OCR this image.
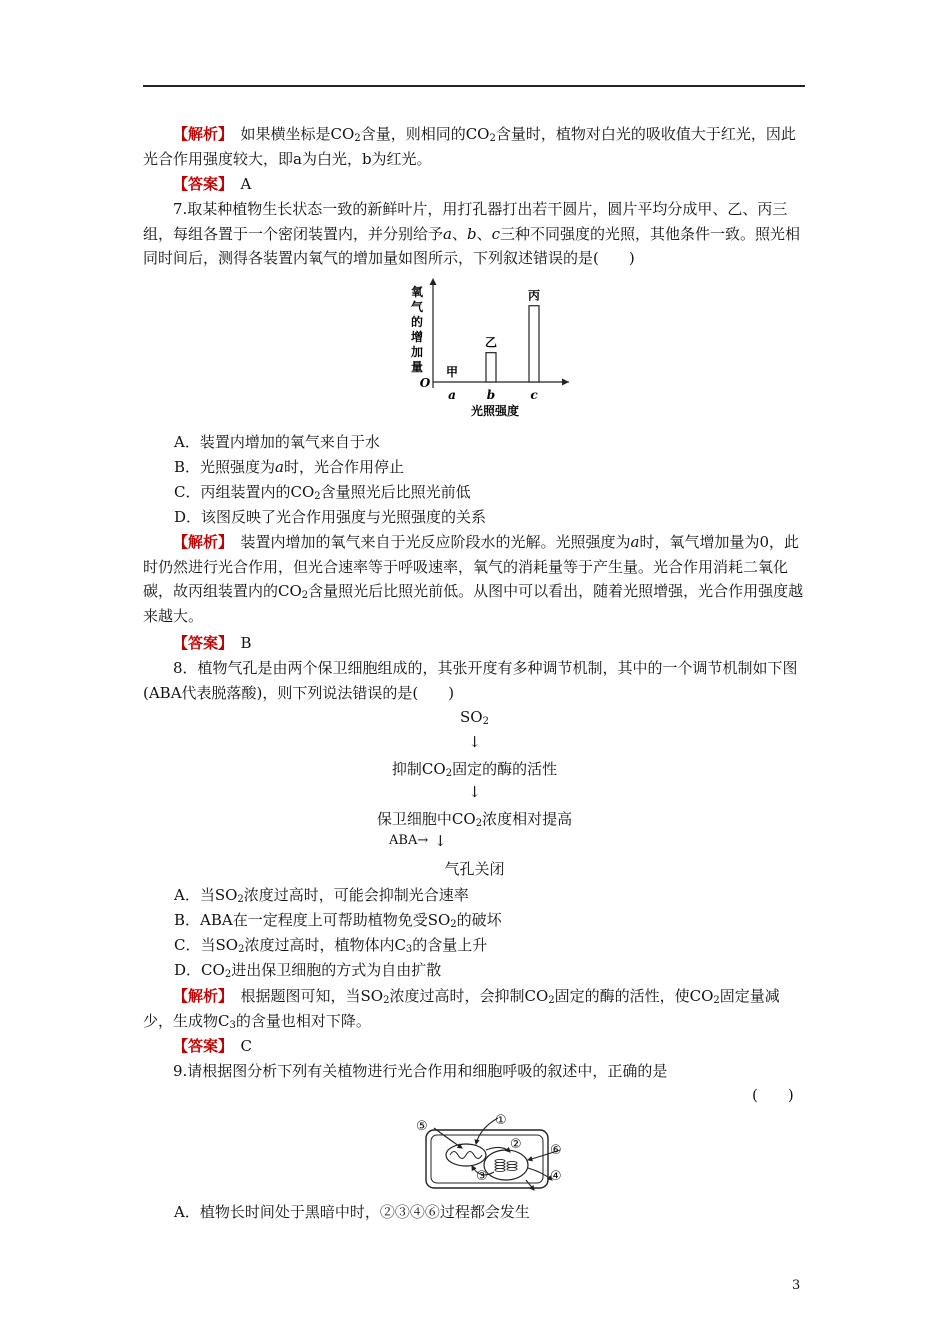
【解析】　 如果横坐标是$CO_2$含量，则相同的$CO_2$含量时，植物对白光的吸收值大于红光，因此光合作用强度较大，即a为白光，b为红光。
【答案】　 A
7.取某种植物生长状态一致的新鲜叶片，用打孔器打出若干圆片，圆片平均分成甲、乙、丙三组，每组各置于一个密闭装置内，并分别给予a、b、c三种不同强度的光照，其他条件一致。照光相同时间后，测得各装置内氧气的增加量如图所示，下列叙述错误的是(　　)
氧
气
的
增
加
量
O
光照强度
甲
a
乙
b
丙
c
A．装置内增加的氧气来自于水
B．光照强度为a时，光合作用停止
C．丙组装置内的$CO_2$含量照光后比照光前低
D．该图反映了光合作用强度与光照强度的关系
【解析】　 装置内增加的氧气来自于光反应阶段水的光解。光照强度为a时，氧气增加量为0，此时仍然进行光合作用，但光合速率等于呼吸速率，氧气的消耗量等于产生量。光合作用消耗二氧化碳，故丙组装置内的$CO_2$含量照光后比照光前低。从图中可以看出，随着光照增强，光合作用强度越来越大。
【答案】　 B
8．植物气孔是由两个保卫细胞组成的，其张开度有多种调节机制，其中的一个调节机制如下图(ABA代表脱落酸)，则下列说法错误的是(　　)
$SO_2$
↓
抑制$CO_2$固定的酶的活性
↓
保卫细胞中$CO_2$浓度相对提高
ABA→ ↓
气孔关闭
A．当$SO_2$浓度过高时，可能会抑制光合速率
B．ABA在一定程度上可帮助植物免受$SO_2$的破坏
C．当$SO_2$浓度过高时，植物体内$C_3$的含量上升
D．$CO_2$进出保卫细胞的方式为自由扩散
【解析】　 根据题图可知，当$SO_2$浓度过高时，会抑制$CO_2$固定的酶的活性，使$CO_2$固定量减少，生成物$C_3$的含量也相对下降。
【答案】　 C
9.请根据图分析下列有关植物进行光合作用和细胞呼吸的叙述中，正确的是
(　　)
①
②
③	④
⑤
⑥
A．植物长时间处于黑暗中时，②③④⑥过程都会发生
3
